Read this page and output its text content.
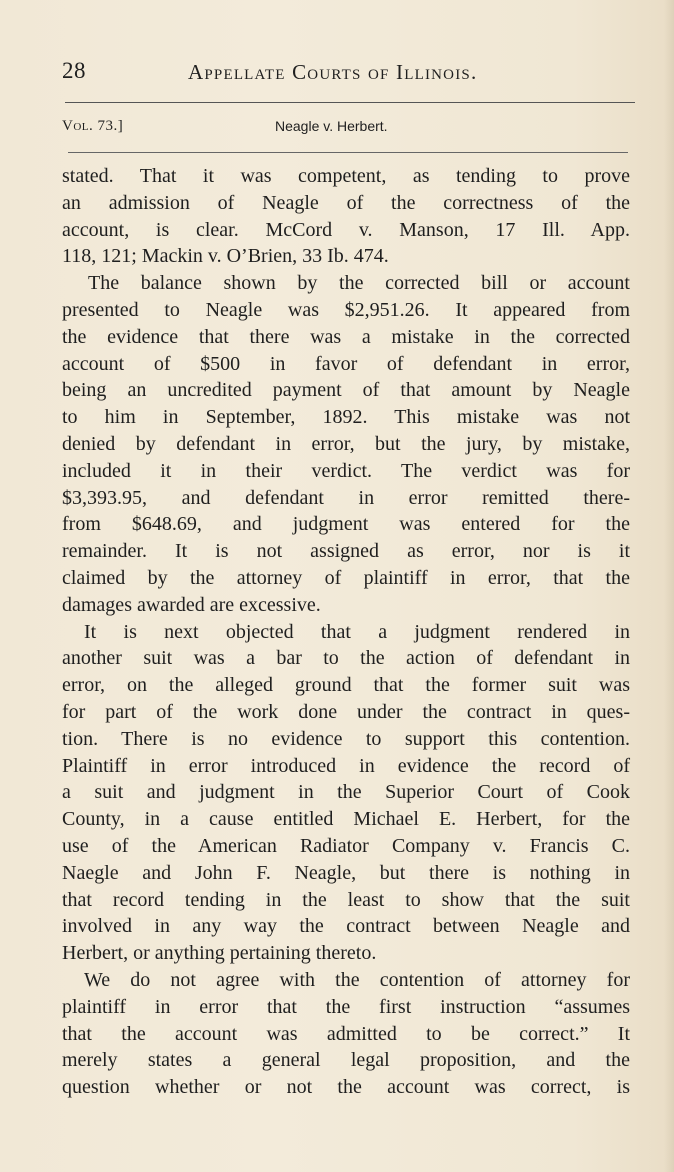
28	Appellate Courts of Illinois.
Vol. 73.]	Neagle v. Herbert.
stated. That it was competent, as tending to prove
an admission of Neagle of the correctness of the
account, is clear. McCord v. Manson, 17 Ill. App.
118, 121; Mackin v. O’Brien, 33 Ib. 474.
The balance shown by the corrected bill or account
presented to Neagle was $2,951.26. It appeared from
the evidence that there was a mistake in the corrected
account of $500 in favor of defendant in error,
being an uncredited payment of that amount by Neagle
to him in September, 1892. This mistake was not
denied by defendant in error, but the jury, by mistake,
included it in their verdict. The verdict was for
$3,393.95, and defendant in error remitted there-
from $648.69, and judgment was entered for the
remainder. It is not assigned as error, nor is it
claimed by the attorney of plaintiff in error, that the
damages awarded are excessive.
It is next objected that a judgment rendered in
another suit was a bar to the action of defendant in
error, on the alleged ground that the former suit was
for part of the work done under the contract in ques-
tion. There is no evidence to support this contention.
Plaintiff in error introduced in evidence the record of
a suit and judgment in the Superior Court of Cook
County, in a cause entitled Michael E. Herbert, for the
use of the American Radiator Company v. Francis C.
Naegle and John F. Neagle, but there is nothing in
that record tending in the least to show that the suit
involved in any way the contract between Neagle and
Herbert, or anything pertaining thereto.
We do not agree with the contention of attorney for
plaintiff in error that the first instruction “assumes
that the account was admitted to be correct.” It
merely states a general legal proposition, and the
question whether or not the account was correct, is
